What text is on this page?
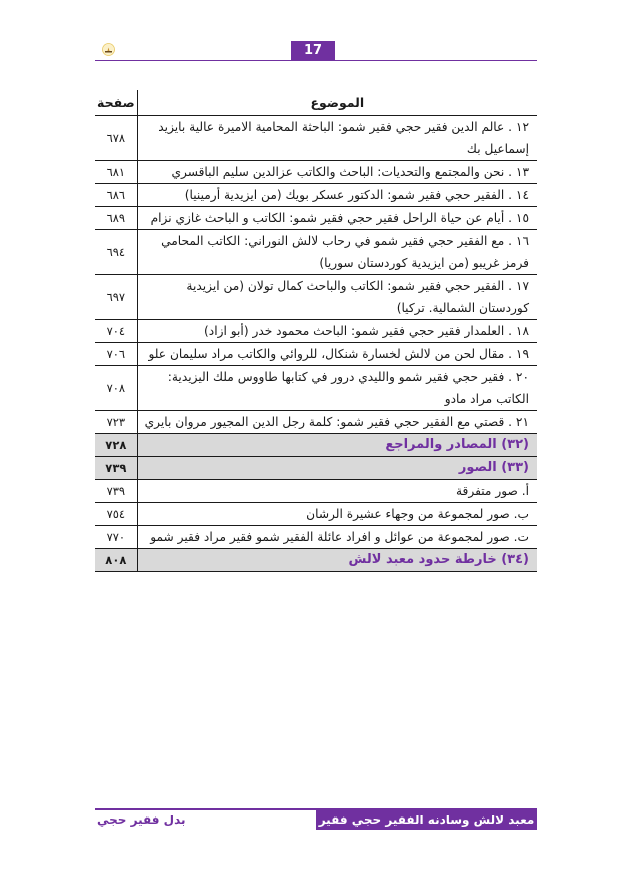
17
الموضوع	صفحة
١٢ . عالم الدين فقير حجي فقير شمو: الباحثة المحامية الاميرة عالية بايزيد إسماعيل بك	٦٧٨
١٣ . نحن والمجتمع والتحديات: الباحث والكاتب عزالدين سليم الباقسري	٦٨١
١٤ . الفقير حجي فقير شمو: الدكتور عسكر بويك (من ايزيدية أرمينيا)	٦٨٦
١٥ . أيام عن حياة الراحل فقير حجي فقير شمو: الكاتب و الباحث غازي نزام	٦٨٩
١٦ . مع الفقير حجي فقير شمو في رحاب لالش النوراني: الكاتب المحامي فرمز غريبو (من ايزيدية كوردستان سوريا)	٦٩٤
١٧ . الفقير حجي فقير شمو: الكاتب والباحث كمال تولان (من ايزيدية كوردستان الشمالية. تركيا)	٦٩٧
١٨ . العلمدار فقير حجي فقير شمو: الباحث محمود خدر (أبو ازاد)	٧٠٤
١٩ . مقال لحن من لالش لخسارة شنكال، للروائي والكاتب مراد سليمان علو	٧٠٦
٢٠ . فقير حجي فقير شمو والليدي درور في كتابها طاووس ملك اليزيدية: الكاتب مراد مادو	٧٠٨
٢١ . قصتي مع الفقير حجي فقير شمو: كلمة رجل الدين المجيور مروان بايري	٧٢٣
(٣٢) المصادر والمراجع	٧٢٨
(٣٣) الصور	٧٣٩
أ. صور متفرقة	٧٣٩
ب. صور لمجموعة من وجهاء عشيرة الرشان	٧٥٤
ت. صور لمجموعة من عوائل و افراد عائلة الفقير شمو فقير مراد فقير شمو	٧٧٠
(٣٤) خارطة حدود معبد لالش	٨٠٨
معبد لالش وسادنه الفقير حجي فقير شمو
بدل فقير حجي
